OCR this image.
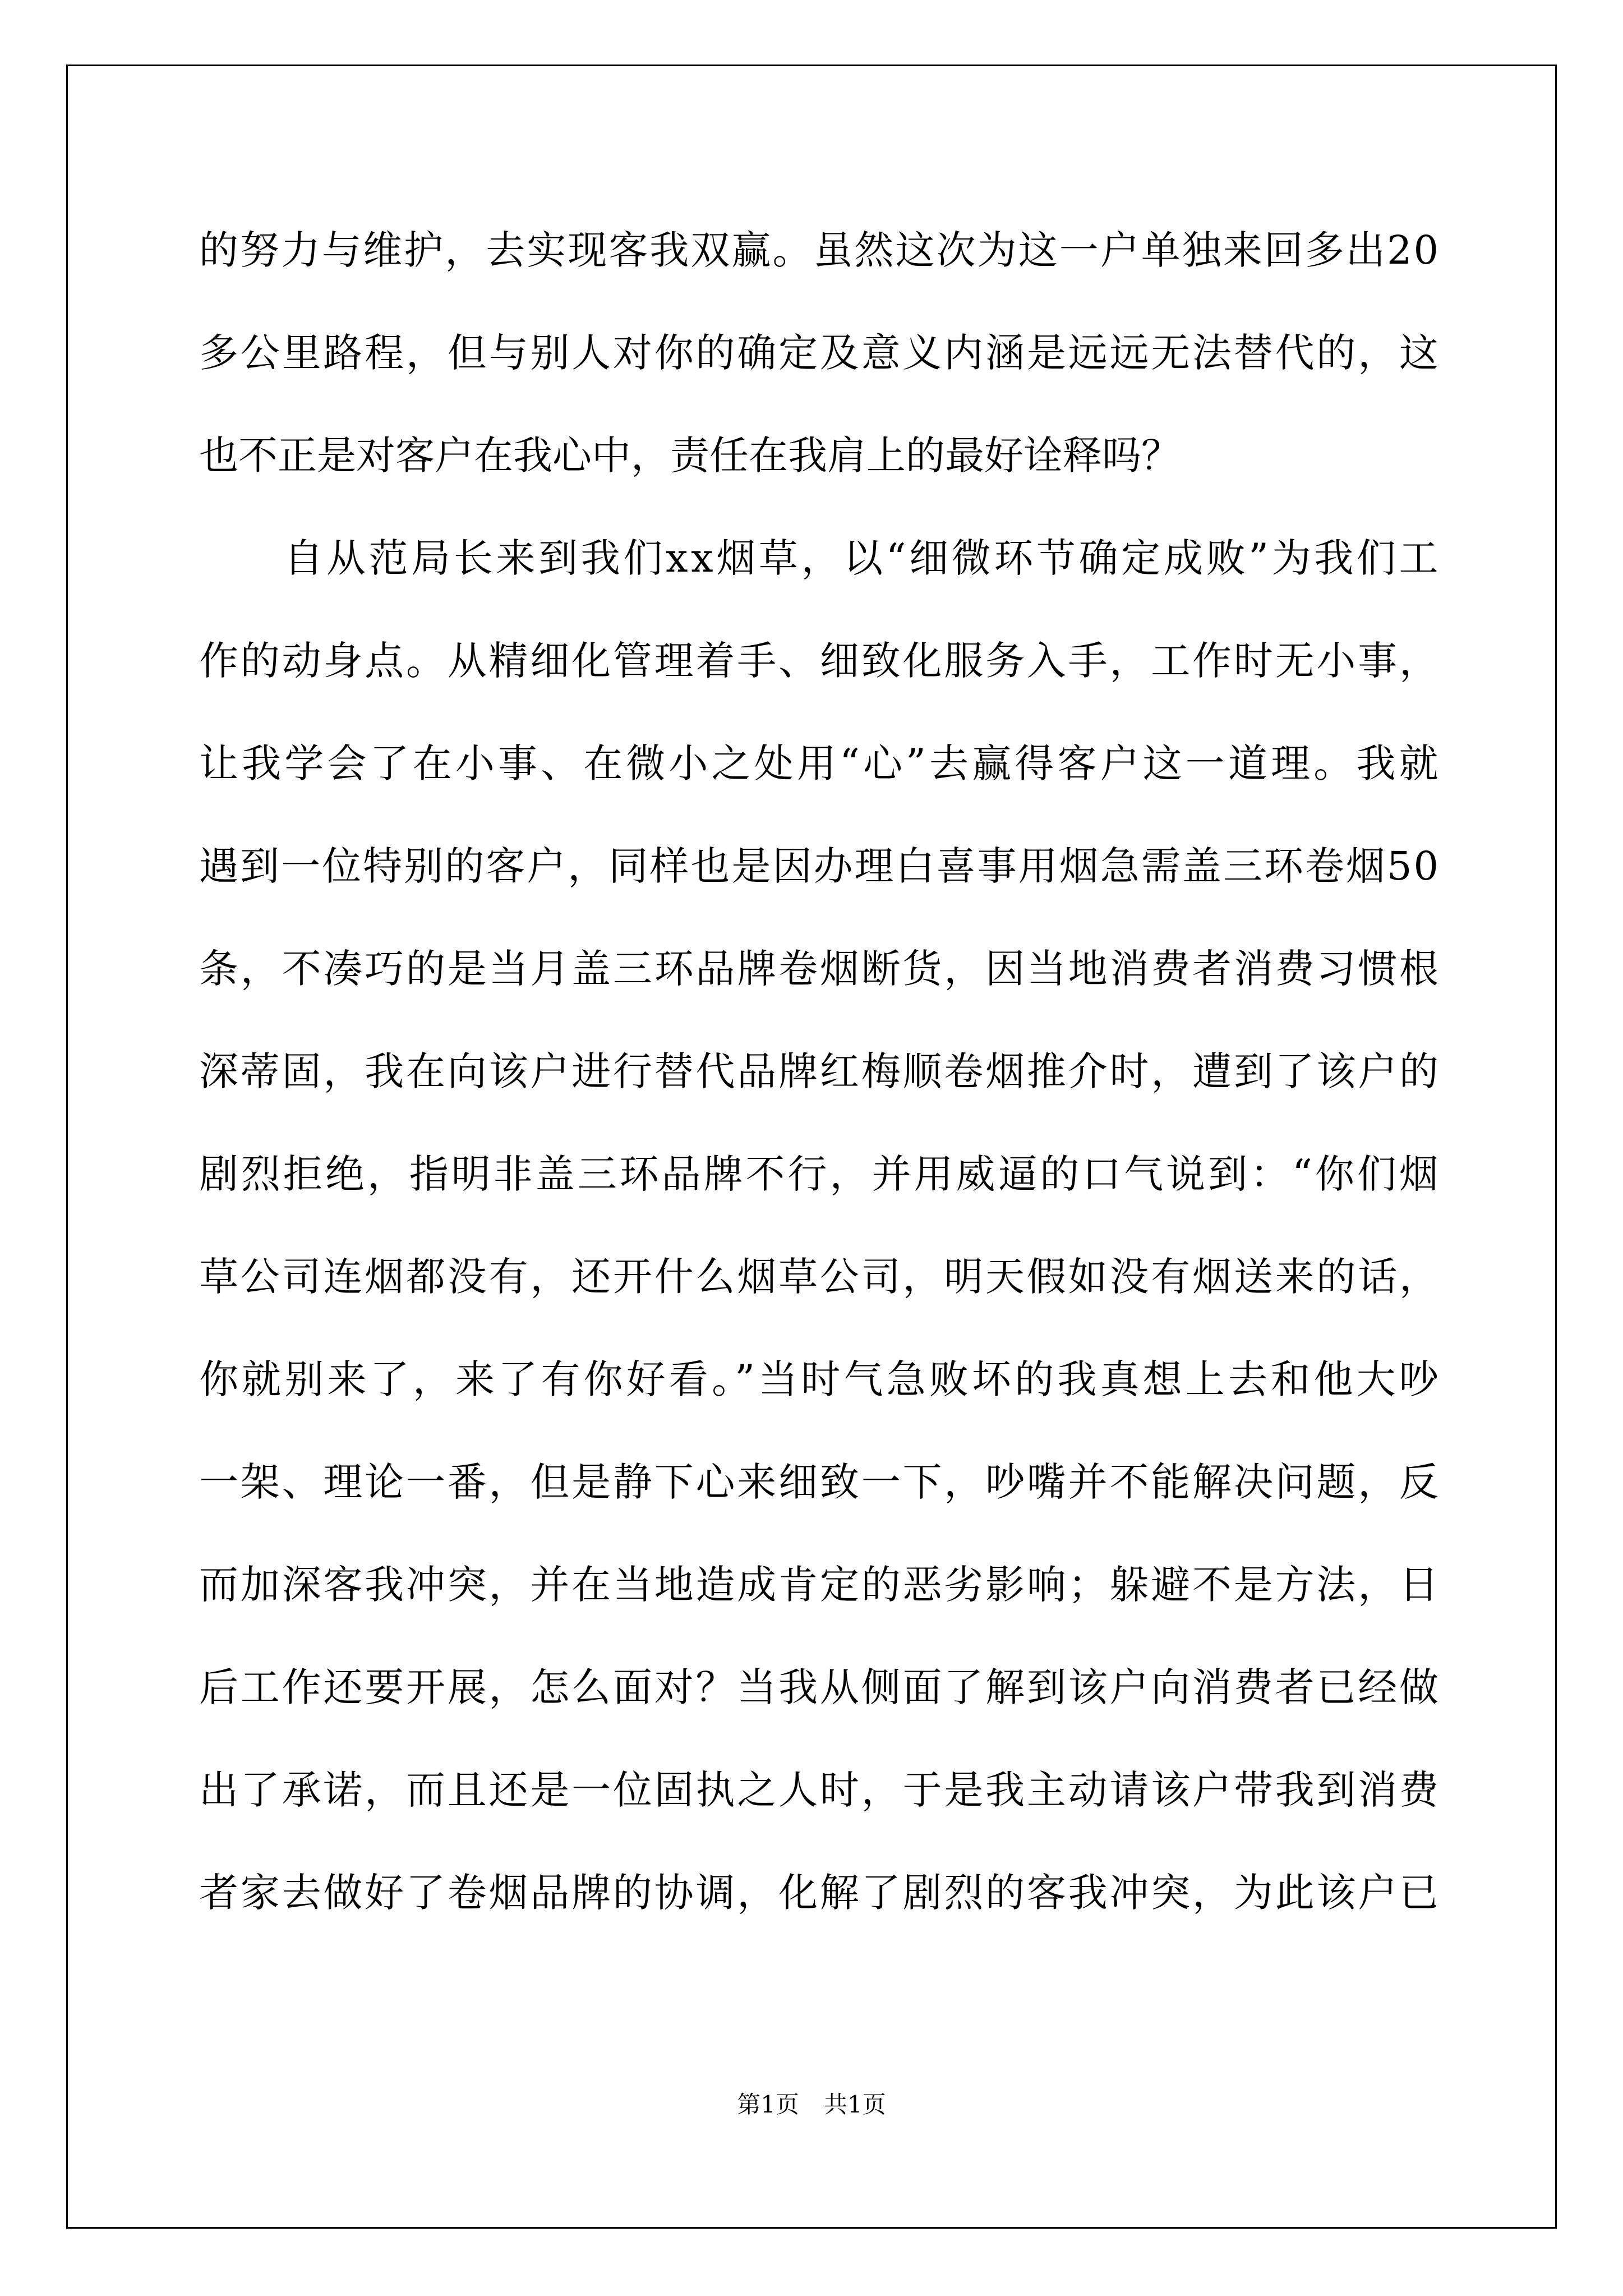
的努力与维护，去实现客我双赢。虽然这次为这一户单独来回多出20
多公里路程，但与别人对你的确定及意义内涵是远远无法替代的，这
也不正是对客户在我心中，责任在我肩上的最好诠释吗？
　　自从范局长来到我们xx烟草，以“细微环节确定成败”为我们工
作的动身点。从精细化管理着手、细致化服务入手，工作时无小事，
让我学会了在小事、在微小之处用“心”去赢得客户这一道理。我就
遇到一位特别的客户，同样也是因办理白喜事用烟急需盖三环卷烟50
条，不凑巧的是当月盖三环品牌卷烟断货，因当地消费者消费习惯根
深蒂固，我在向该户进行替代品牌红梅顺卷烟推介时，遭到了该户的
剧烈拒绝，指明非盖三环品牌不行，并用威逼的口气说到：“你们烟
草公司连烟都没有，还开什么烟草公司，明天假如没有烟送来的话，
你就别来了，来了有你好看。”当时气急败坏的我真想上去和他大吵
一架、理论一番，但是静下心来细致一下，吵嘴并不能解决问题，反
而加深客我冲突，并在当地造成肯定的恶劣影响；躲避不是方法，日
后工作还要开展，怎么面对？当我从侧面了解到该户向消费者已经做
出了承诺，而且还是一位固执之人时，于是我主动请该户带我到消费
者家去做好了卷烟品牌的协调，化解了剧烈的客我冲突，为此该户已
第1页 共1页
